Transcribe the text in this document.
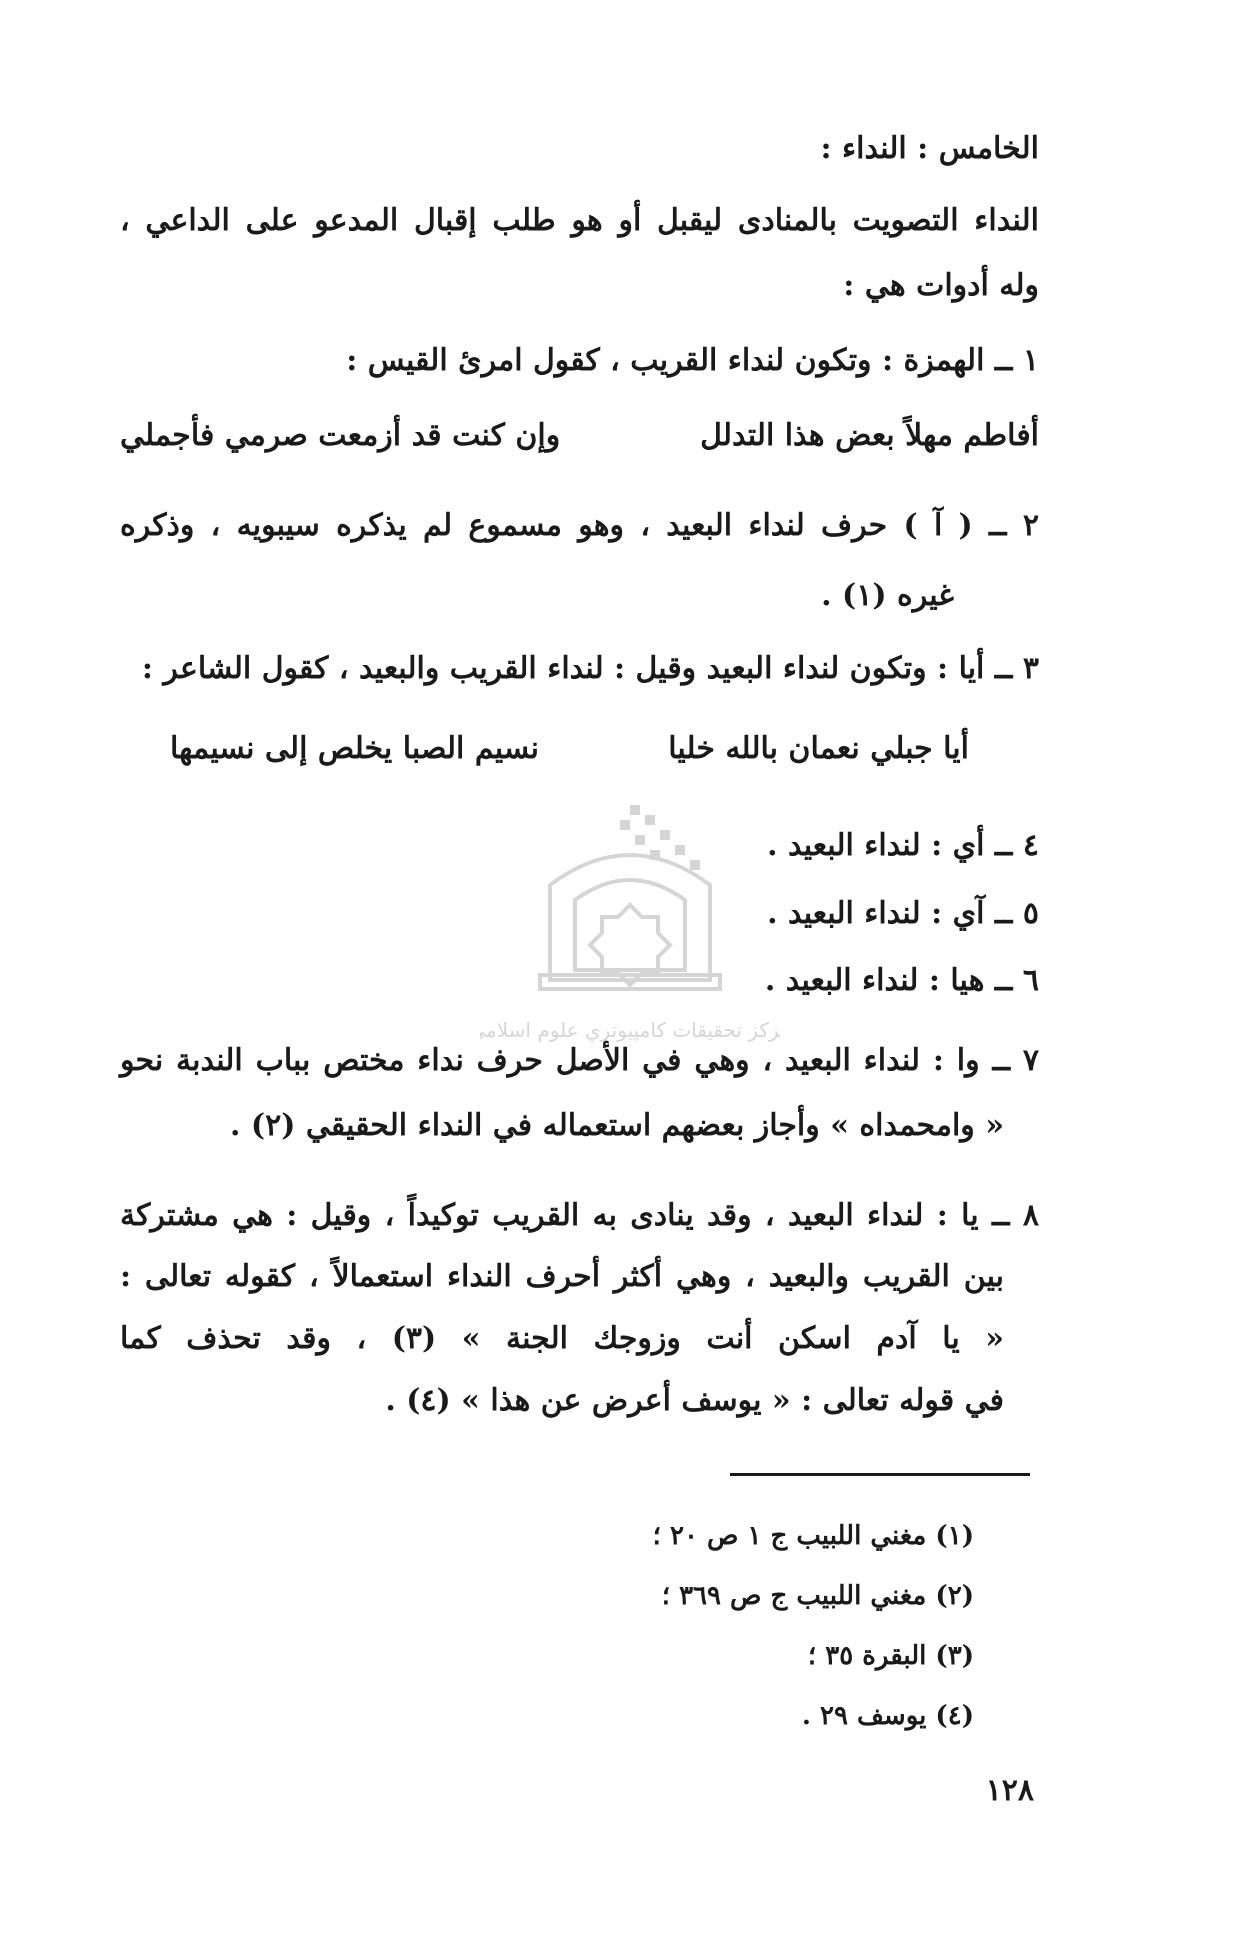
الخامس : النداء :
النداء التصويت بالمنادى ليقبل أو هو طلب إقبال المدعو على الداعي ،
وله أدوات هي :
١ ــ الهمزة : وتكون لنداء القريب ، كقول امرئ القيس :
أفاطم مهلاً بعض هذا التدلل
وإن كنت قد أزمعت صرمي فأجملي
٢ ــ ( آ ) حرف لنداء البعيد ، وهو مسموع لم يذكره سيبويه ، وذكره
غيره (١) .
٣ ــ أيا : وتكون لنداء البعيد وقيل : لنداء القريب والبعيد ، كقول الشاعر :
أيا جبلي نعمان بالله خليا
نسيم الصبا يخلص إلى نسيمها
٤ ــ أي : لنداء البعيد .
٥ ــ آي : لنداء البعيد .
٦ ــ هيا : لنداء البعيد .
٧ ــ وا : لنداء البعيد ، وهي في الأصل حرف نداء مختص بباب الندبة نحو
« وامحمداه » وأجاز بعضهم استعماله في النداء الحقيقي (٢) .
٨ ــ يا : لنداء البعيد ، وقد ينادى به القريب توكيداً ، وقيل : هي مشتركة
بين القريب والبعيد ، وهي أكثر أحرف النداء استعمالاً ، كقوله تعالى :
« يا آدم اسكن أنت وزوجك الجنة » (٣) ، وقد تحذف كما
في قوله تعالى : « يوسف أعرض عن هذا » (٤) .
(١) مغني اللبيب ج ١ ص ٢٠ ؛
(٢) مغني اللبيب ج ص ٣٦٩ ؛
(٣) البقرة ٣٥ ؛
(٤) يوسف ٢٩ .
١٢٨
مركز تحقيقات كامپيوتري علوم اسلامي
